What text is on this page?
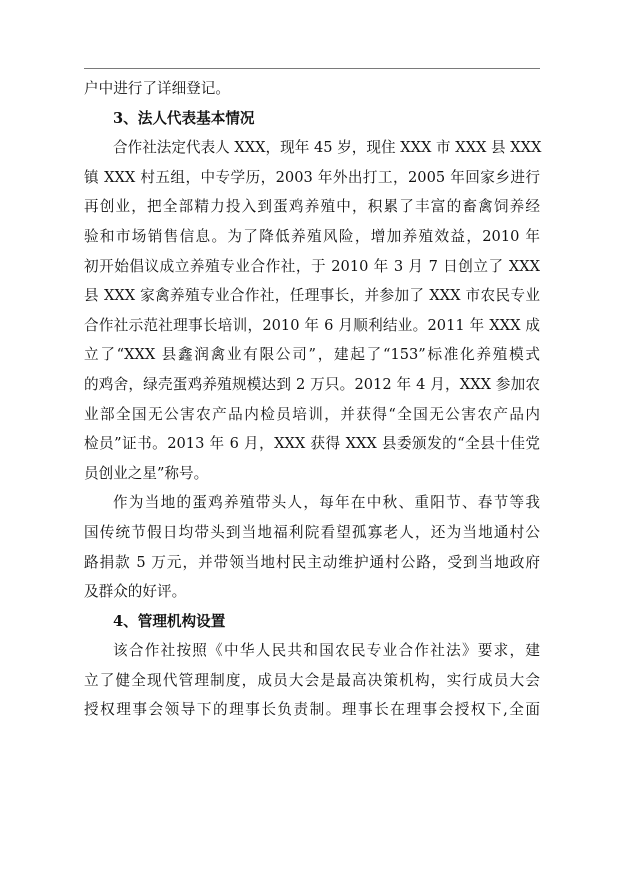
户中进行了详细登记。
3、法人代表基本情况
合作社法定代表人 XXX，现年 45 岁，现住 XXX 市 XXX 县 XXX
镇 XXX 村五组，中专学历，2003 年外出打工，2005 年回家乡进行
再创业，把全部精力投入到蛋鸡养殖中，积累了丰富的畜禽饲养经
验和市场销售信息。为了降低养殖风险，增加养殖效益，2010 年
初开始倡议成立养殖专业合作社，于 2010 年 3 月 7 日创立了 XXX
县 XXX 家禽养殖专业合作社，任理事长，并参加了 XXX 市农民专业
合作社示范社理事长培训，2010 年 6 月顺利结业。2011 年 XXX 成
立了“XXX 县鑫润禽业有限公司”，建起了“153”标准化养殖模式
的鸡舍，绿壳蛋鸡养殖规模达到 2 万只。2012 年 4 月，XXX 参加农
业部全国无公害农产品内检员培训，并获得“全国无公害农产品内
检员”证书。2013 年 6 月，XXX 获得 XXX 县委颁发的“全县十佳党
员创业之星”称号。
作为当地的蛋鸡养殖带头人，每年在中秋、重阳节、春节等我
国传统节假日均带头到当地福利院看望孤寡老人，还为当地通村公
路捐款 5 万元，并带领当地村民主动维护通村公路，受到当地政府
及群众的好评。
4、管理机构设置
该合作社按照《中华人民共和国农民专业合作社法》要求，建
立了健全现代管理制度，成员大会是最高决策机构，实行成员大会
授权理事会领导下的理事长负责制。理事长在理事会授权下,全面
